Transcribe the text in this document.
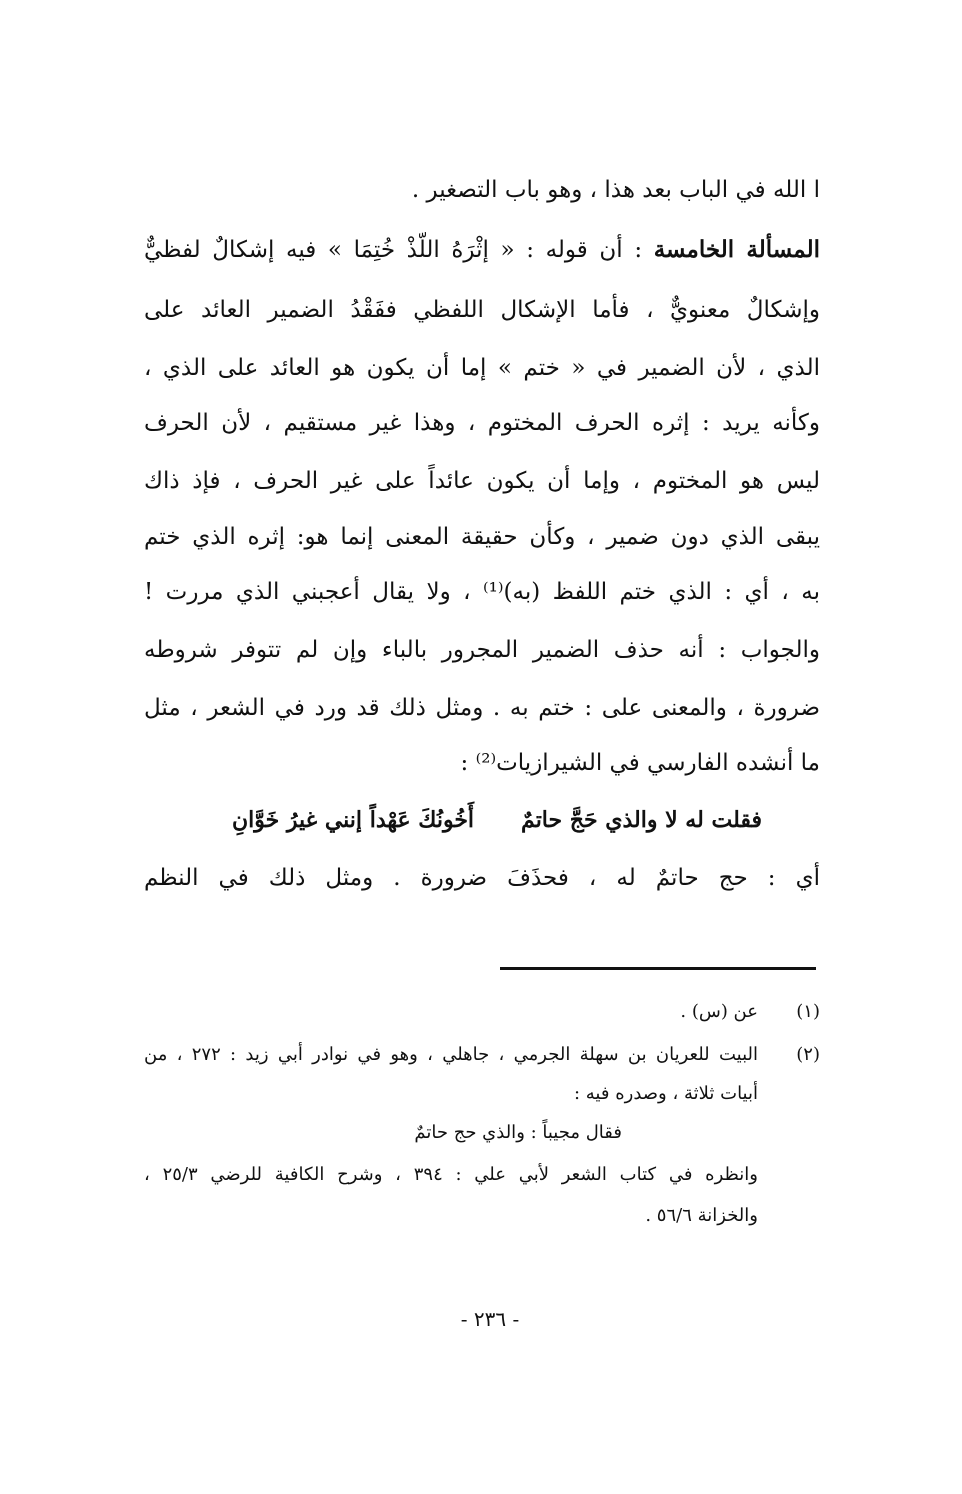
ا الله في الباب بعد هذا ، وهو باب التصغير .
المسألة الخامسة : أن قوله : « إثْرَهُ اللّذْ خُتِمَا » فيه إشكالٌ لفظيٌّ
وإشكالٌ معنويٌّ ، فأما الإشكال اللفظي ففَقْدُ الضمير العائد على
الذي ، لأن الضمير في « ختم » إما أن يكون هو العائد على الذي ،
وكأنه يريد : إثره الحرف المختوم ، وهذا غير مستقيم ، لأن الحرف
ليس هو المختوم ، وإما أن يكون عائداً على غير الحرف ، فإذ ذاك
يبقى الذي دون ضمير ، وكأن حقيقة المعنى إنما هو: إثره الذي ختم
به ، أي : الذي ختم اللفظ (به)⁽¹⁾ ، ولا يقال أعجبني الذي مررت !
والجواب : أنه حذف الضمير المجرور بالباء وإن لم تتوفر شروطه
ضرورة ، والمعنى على : ختم به . ومثل ذلك قد ورد في الشعر ، مثل
ما أنشده الفارسي في الشيرازيات⁽²⁾ :
فقلت له لا والذي حَجَّ حاتمٌ
أَخُونُكَ عَهْداً إنني غيرُ خَوَّانِ
أي : حج حاتمٌ له ، فحذَفَ ضرورة . ومثل ذلك في النظم
(١)
عن (س) .
(٢)
البيت للعريان بن سهلة الجرمي ، جاهلي ، وهو في نوادر أبي زيد : ٢٧٢ ، من
أبيات ثلاثة ، وصدره فيه :
فقال مجيباً : والذي حج حاتمٌ
وانظره في كتاب الشعر لأبي علي : ٣٩٤ ، وشرح الكافية للرضي ٢٥/٣ ،
والخزانة ٥٦/٦ .
- ٢٣٦ -
